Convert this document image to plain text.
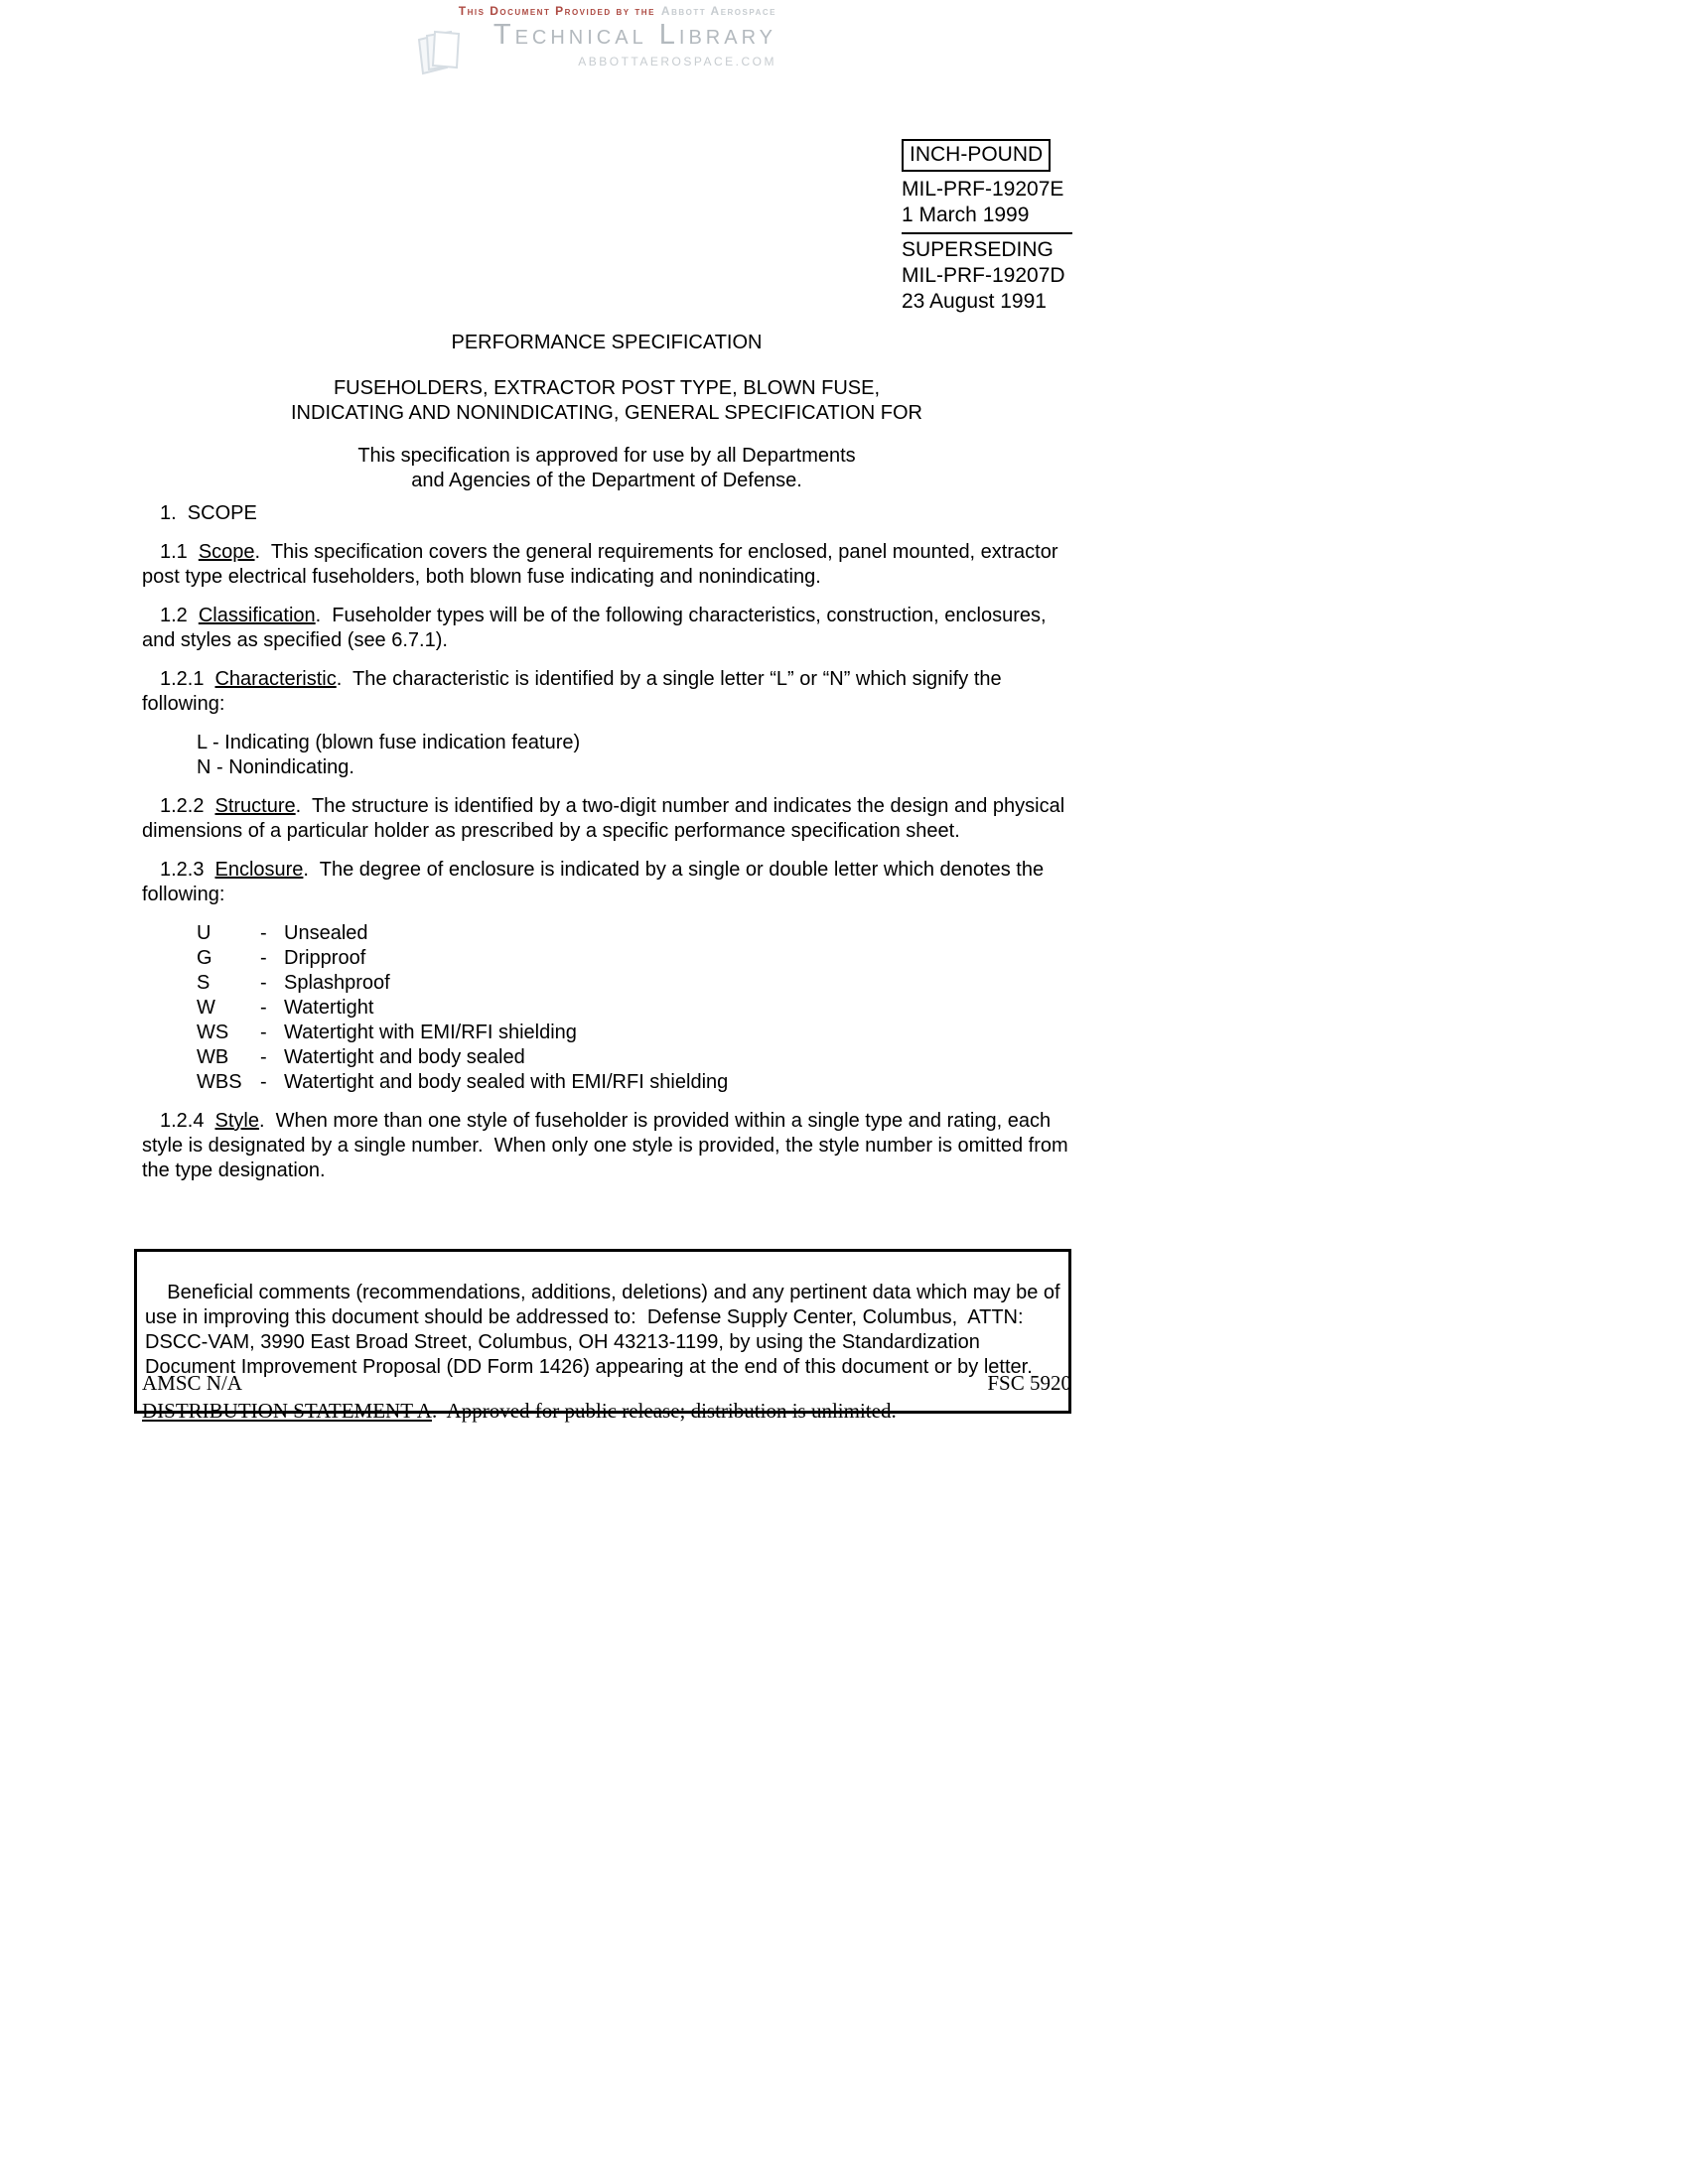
This Document Provided by the Abbott Aerospace
Technical Library
ABBOTTAEROSPACE.COM
INCH-POUND
MIL-PRF-19207E
1 March 1999
SUPERSEDING
MIL-PRF-19207D
23 August 1991

PERFORMANCE SPECIFICATION

FUSEHOLDERS, EXTRACTOR POST TYPE, BLOWN FUSE,

INDICATING AND NONINDICATING, GENERAL SPECIFICATION FOR

This specification is approved for use by all Departments

and Agencies of the Department of Defense.

1.  SCOPE

1.1 Scope.  This specification covers the general requirements for enclosed, panel mounted, extractor post type electrical fuseholders, both blown fuse indicating and nonindicating.

1.2 Classification.  Fuseholder types will be of the following characteristics, construction, enclosures, and styles as specified (see 6.7.1).

1.2.1 Characteristic.  The characteristic is identified by a single letter “L” or “N” which signify the following:

L - Indicating (blown fuse indication feature)
N - Nonindicating.

1.2.2 Structure.  The structure is identified by a two-digit number and indicates the design and physical dimensions of a particular holder as prescribed by a specific performance specification sheet.

1.2.3 Enclosure.  The degree of enclosure is indicated by a single or double letter which denotes the following:

U	- Unsealed
G	- Dripproof
S	- Splashproof
W	- Watertight
WS	- Watertight with EMI/RFI shielding
WB	- Watertight and body sealed
WBS - Watertight and body sealed with EMI/RFI shielding

1.2.4 Style.  When more than one style of fuseholder is provided within a single type and rating, each style is designated by a single number.  When only one style is provided, the style number is omitted from the type designation.

Beneficial comments (recommendations, additions, deletions) and any pertinent data which may be of use in improving this document should be addressed to:  Defense Supply Center, Columbus,  ATTN: DSCC-VAM, 3990 East Broad Street, Columbus, OH 43213-1199, by using the Standardization Document Improvement Proposal (DD Form 1426) appearing at the end of this document or by letter.

AMSC N/A	FSC 5920

DISTRIBUTION STATEMENT A.  Approved for public release; distribution is unlimited.
